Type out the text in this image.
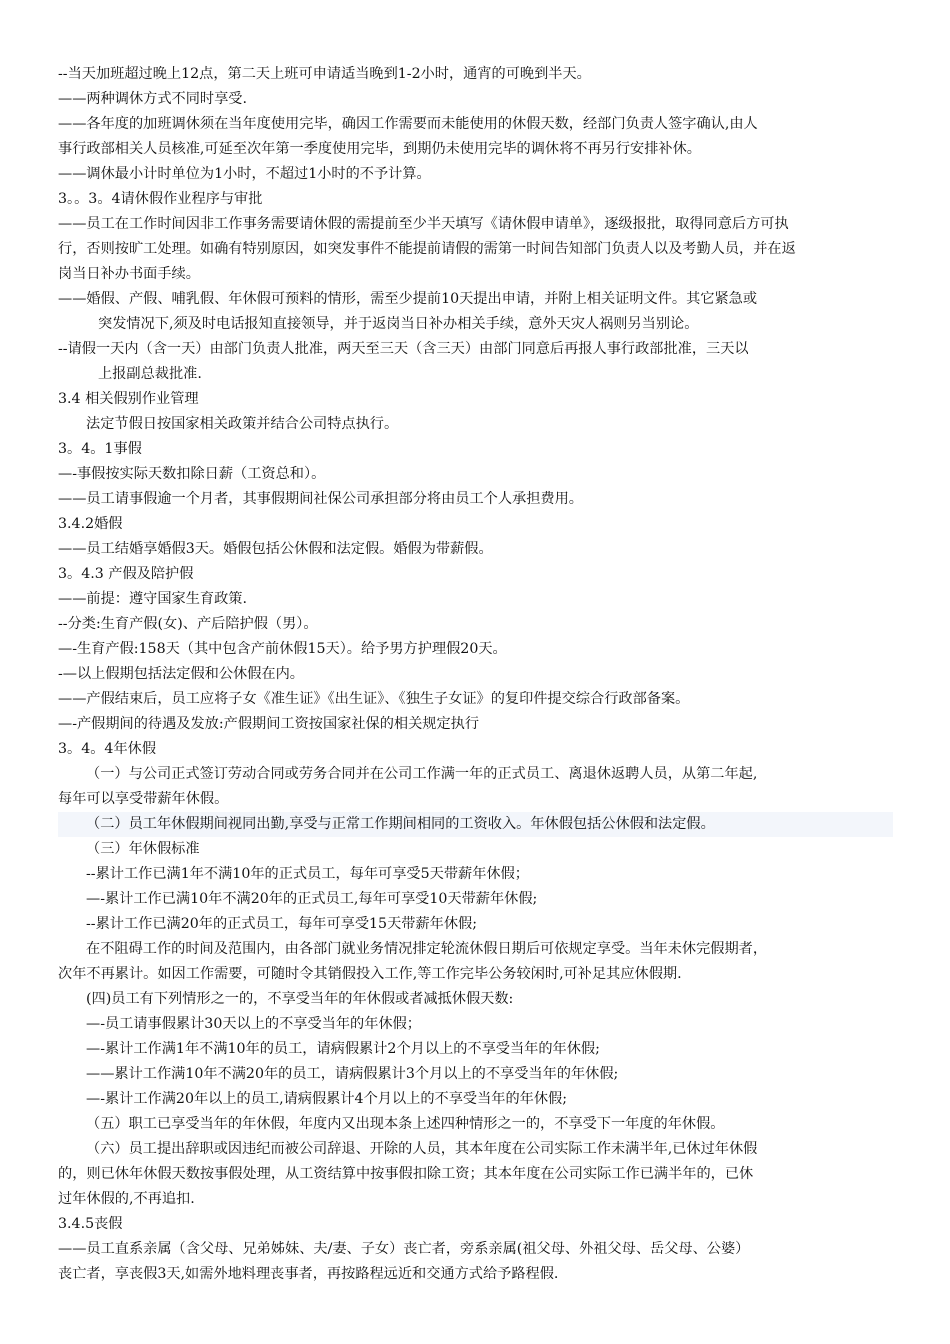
--当天加班超过晚上12点，第二天上班可申请适当晚到1-2小时，通宵的可晚到半天。
——两种调休方式不同时享受.
——各年度的加班调休须在当年度使用完毕，确因工作需要而未能使用的休假天数，经部门负责人签字确认,由人
事行政部相关人员核准,可延至次年第一季度使用完毕，到期仍未使用完毕的调休将不再另行安排补休。
——调休最小计时单位为1小时，不超过1小时的不予计算。
3。。3。4请休假作业程序与审批
——员工在工作时间因非工作事务需要请休假的需提前至少半天填写《请休假申请单》，逐级报批，取得同意后方可执
行，否则按旷工处理。如确有特别原因，如突发事件不能提前请假的需第一时间告知部门负责人以及考勤人员，并在返
岗当日补办书面手续。
——婚假、产假、哺乳假、年休假可预料的情形，需至少提前10天提出申请，并附上相关证明文件。其它紧急或
突发情况下,须及时电话报知直接领导，并于返岗当日补办相关手续，意外天灾人祸则另当别论。
--请假一天内（含一天）由部门负责人批准，两天至三天（含三天）由部门同意后再报人事行政部批准，三天以
上报副总裁批准.
3.4 相关假别作业管理
法定节假日按国家相关政策并结合公司特点执行。
3。4。1事假
—-事假按实际天数扣除日薪（工资总和）。
——员工请事假逾一个月者，其事假期间社保公司承担部分将由员工个人承担费用。
3.4.2婚假
——员工结婚享婚假3天。婚假包括公休假和法定假。婚假为带薪假。
3。4.3 产假及陪护假
——前提：遵守国家生育政策.
--分类:生育产假(女)、产后陪护假（男）。
—-生育产假:158天（其中包含产前休假15天）。给予男方护理假20天。
-—以上假期包括法定假和公休假在内。
——产假结束后，员工应将子女《准生证》《出生证》、《独生子女证》的复印件提交综合行政部备案。
—-产假期间的待遇及发放:产假期间工资按国家社保的相关规定执行
3。4。4年休假
（一）与公司正式签订劳动合同或劳务合同并在公司工作满一年的正式员工、离退休返聘人员，从第二年起,
每年可以享受带薪年休假。
（二）员工年休假期间视同出勤,享受与正常工作期间相同的工资收入。年休假包括公休假和法定假。
（三）年休假标准
--累计工作已满1年不满10年的正式员工，每年可享受5天带薪年休假；
—-累计工作已满10年不满20年的正式员工,每年可享受10天带薪年休假;
--累计工作已满20年的正式员工，每年可享受15天带薪年休假;
在不阻碍工作的时间及范围内，由各部门就业务情况排定轮流休假日期后可依规定享受。当年未休完假期者，
次年不再累计。如因工作需要，可随时令其销假投入工作,等工作完毕公务较闲时,可补足其应休假期.
(四)员工有下列情形之一的，不享受当年的年休假或者减抵休假天数:
—-员工请事假累计30天以上的不享受当年的年休假；
—-累计工作满1年不满10年的员工，请病假累计2个月以上的不享受当年的年休假;
——累计工作满10年不满20年的员工，请病假累计3个月以上的不享受当年的年休假;
—-累计工作满20年以上的员工,请病假累计4个月以上的不享受当年的年休假;
（五）职工已享受当年的年休假，年度内又出现本条上述四种情形之一的，不享受下一年度的年休假。
（六）员工提出辞职或因违纪而被公司辞退、开除的人员，其本年度在公司实际工作未满半年,已休过年休假
的，则已休年休假天数按事假处理，从工资结算中按事假扣除工资；其本年度在公司实际工作已满半年的，已休
过年休假的,不再追扣.
3.4.5丧假
——员工直系亲属（含父母、兄弟姊妹、夫/妻、子女）丧亡者，旁系亲属(祖父母、外祖父母、岳父母、公婆）
丧亡者，享丧假3天,如需外地料理丧事者，再按路程远近和交通方式给予路程假.
